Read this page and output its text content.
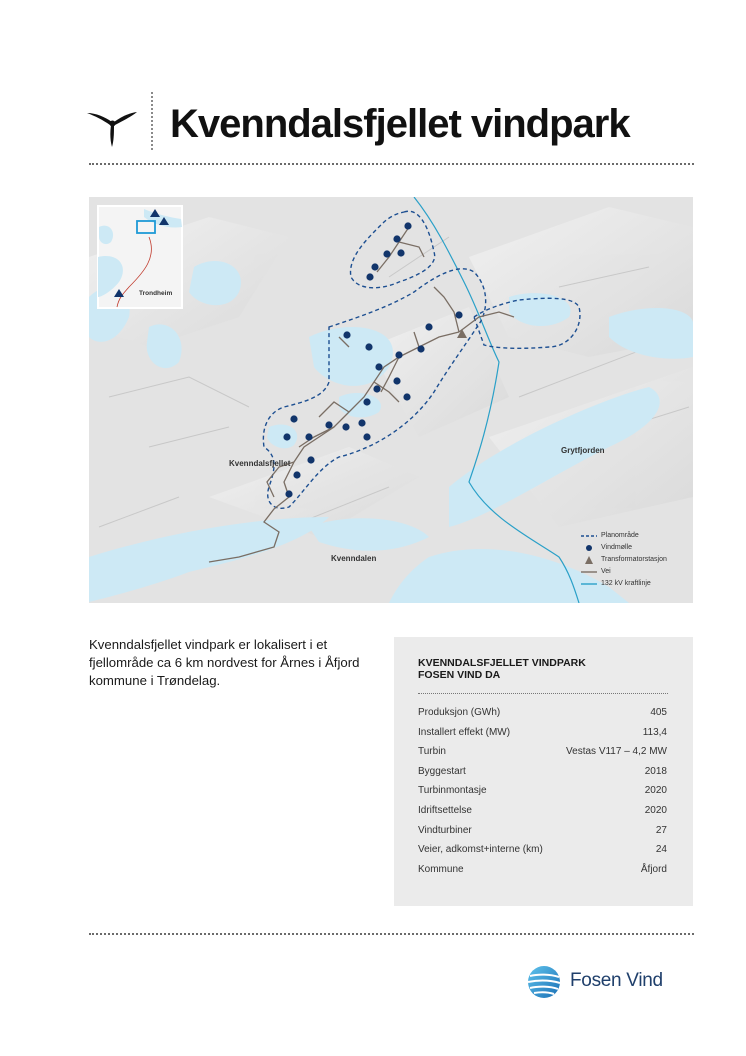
Kvenndalsfjellet vindpark
Trondheim
Kvenndalsfjellet
Grytfjorden
Kvenndalen
Planområde
Vindmølle
Transformatorstasjon
Vei
132 kV kraftlinje

Kvenndalsfjellet vindpark er lokalisert i et fjellområde ca 6 km nordvest for Årnes i Åfjord kommune i Trøndelag.

KVENNDALSFJELLET VINDPARK
FOSEN VIND DA
Produksjon (GWh)	405
Installert effekt (MW)	113,4
Turbin	Vestas V117 – 4,2 MW
Byggestart	2018
Turbinmontasje	2020
Idriftsettelse	2020
Vindturbiner	27
Veier, adkomst+interne (km)	24
Kommune	Åfjord
Fosen Vind
